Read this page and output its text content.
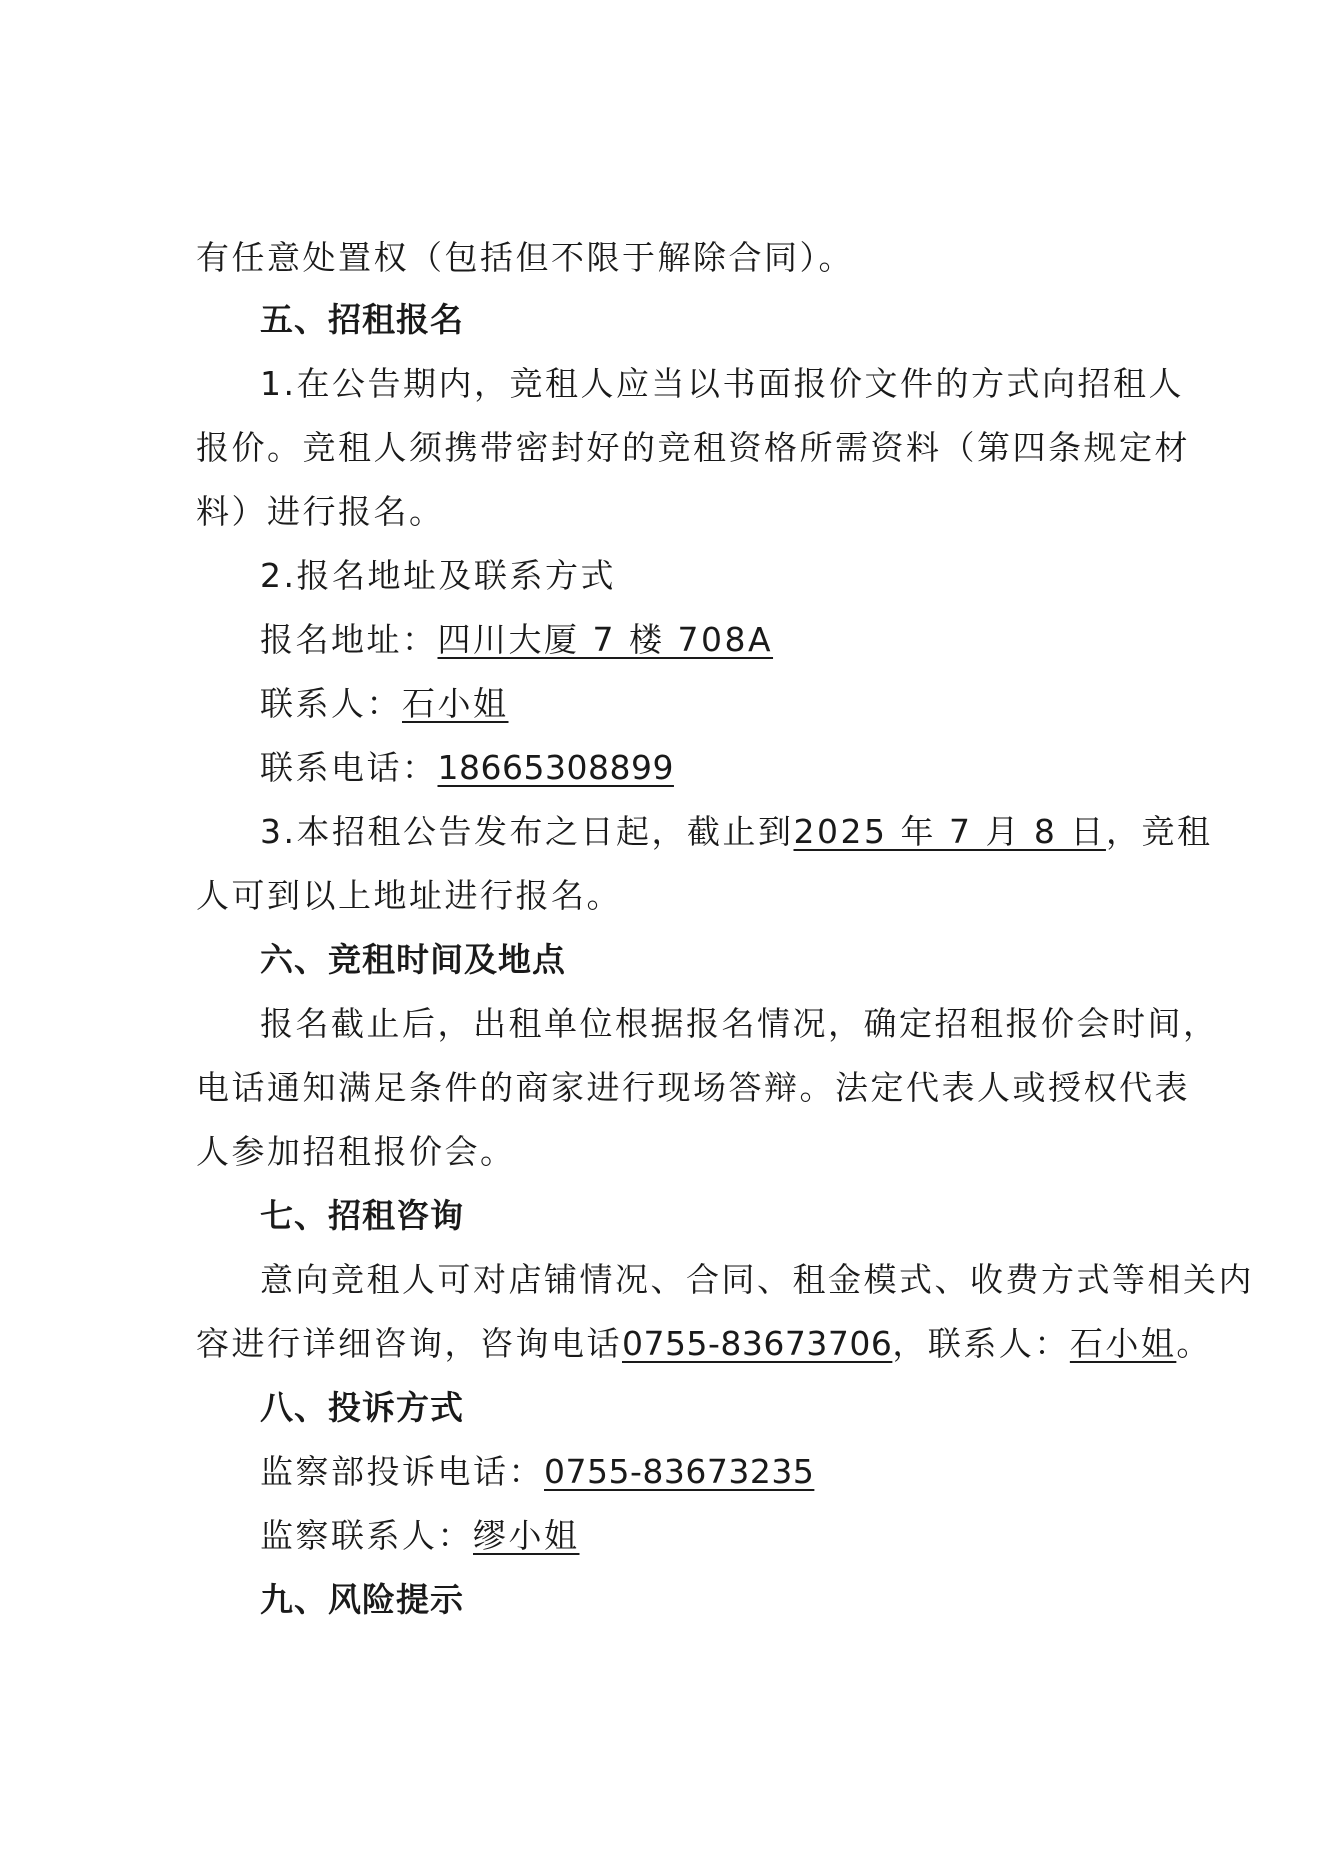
有任意处置权（包括但不限于解除合同）。
五、招租报名
1.在公告期内，竞租人应当以书面报价文件的方式向招租人
报价。竞租人须携带密封好的竞租资格所需资料（第四条规定材
料）进行报名。
2.报名地址及联系方式
报名地址：四川大厦 7 楼 708A
联系人：石小姐
联系电话：18665308899
3.本招租公告发布之日起，截止到2025 年 7 月 8 日，竞租
人可到以上地址进行报名。
六、竞租时间及地点
报名截止后，出租单位根据报名情况，确定招租报价会时间，
电话通知满足条件的商家进行现场答辩。法定代表人或授权代表
人参加招租报价会。
七、招租咨询
意向竞租人可对店铺情况、合同、租金模式、收费方式等相关内
容进行详细咨询，咨询电话0755-83673706，联系人：石小姐。
八、投诉方式
监察部投诉电话：0755-83673235
监察联系人：缪小姐
九、风险提示
